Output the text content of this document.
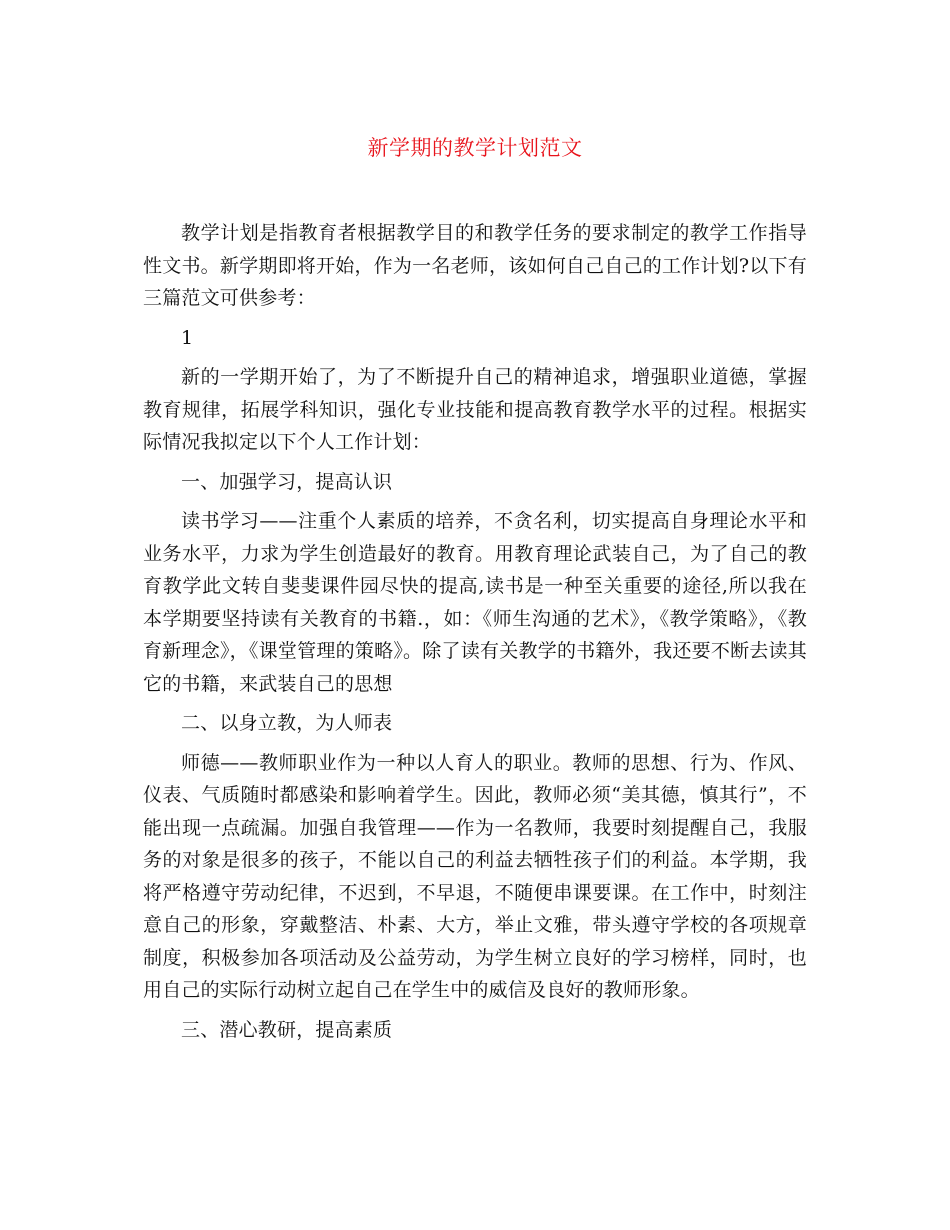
新学期的教学计划范文

教学计划是指教育者根据教学目的和教学任务的要求制定的教学工作指导性文书。新学期即将开始，作为一名老师，该如何自己自己的工作计划?以下有三篇范文可供参考：

1

新的一学期开始了，为了不断提升自己的精神追求，增强职业道德，掌握教育规律，拓展学科知识，强化专业技能和提高教育教学水平的过程。根据实际情况我拟定以下个人工作计划：

一、加强学习，提高认识

读书学习——注重个人素质的培养，不贪名利，切实提高自身理论水平和业务水平，力求为学生创造最好的教育。用教育理论武装自己，为了自己的教育教学此文转自斐斐课件园尽快的提高,读书是一种至关重要的途径,所以我在本学期要坚持读有关教育的书籍.，如：《师生沟通的艺术》，《教学策略》，《教育新理念》，《课堂管理的策略》。除了读有关教学的书籍外，我还要不断去读其它的书籍，来武装自己的思想

二、以身立教，为人师表

师德——教师职业作为一种以人育人的职业。教师的思想、行为、作风、仪表、气质随时都感染和影响着学生。因此，教师必须“美其德，慎其行”，不能出现一点疏漏。加强自我管理——作为一名教师，我要时刻提醒自己，我服务的对象是很多的孩子，不能以自己的利益去牺牲孩子们的利益。本学期，我将严格遵守劳动纪律，不迟到，不早退，不随便串课要课。在工作中，时刻注意自己的形象，穿戴整洁、朴素、大方，举止文雅，带头遵守学校的各项规章制度，积极参加各项活动及公益劳动，为学生树立良好的学习榜样，同时，也用自己的实际行动树立起自己在学生中的威信及良好的教师形象。

三、潜心教研，提高素质
